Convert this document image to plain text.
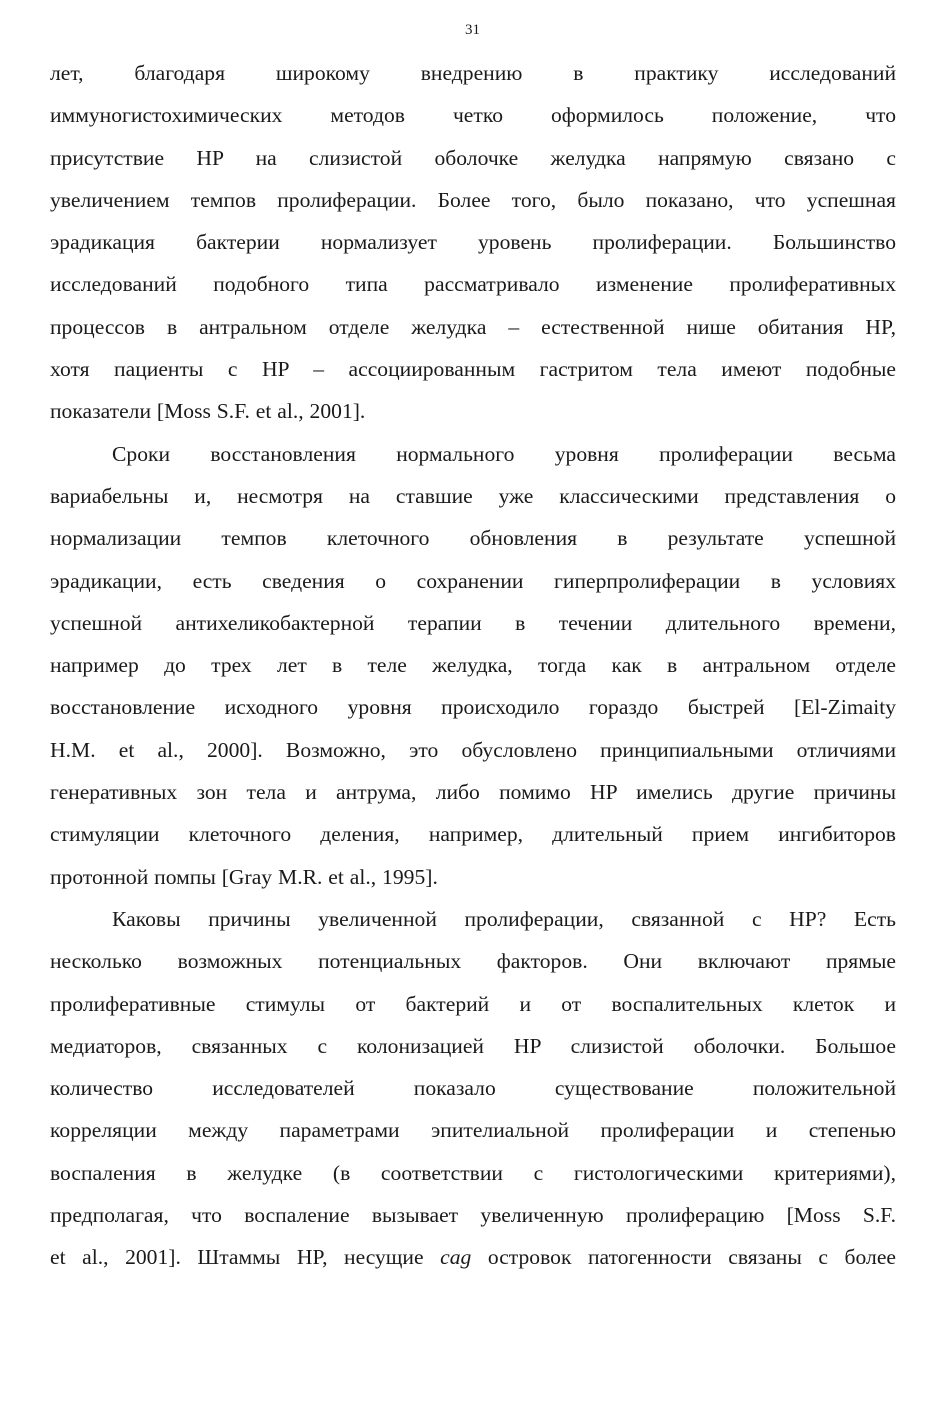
31
лет, благодаря широкому внедрению в практику исследований
иммуногистохимических методов четко оформилось положение, что
присутствие HP на слизистой оболочке желудка напрямую связано с
увеличением темпов пролиферации. Более того, было показано, что успешная
эрадикация бактерии нормализует уровень пролиферации. Большинство
исследований подобного типа рассматривало изменение пролиферативных
процессов в антральном отделе желудка – естественной нише обитания HP,
хотя пациенты с HP – ассоциированным гастритом тела имеют подобные
показатели [Moss S.F. et al., 2001].
Сроки восстановления нормального уровня пролиферации весьма
вариабельны и, несмотря на ставшие уже классическими представления о
нормализации темпов клеточного обновления в результате успешной
эрадикации, есть сведения о сохранении гиперпролиферации в условиях
успешной антихеликобактерной терапии в течении длительного времени,
например до трех лет в теле желудка, тогда как в антральном отделе
восстановление исходного уровня происходило гораздо быстрей [El-Zimaity
H.M. et al., 2000]. Возможно, это обусловлено принципиальными отличиями
генеративных зон тела и антрума, либо помимо HP имелись другие причины
стимуляции клеточного деления, например, длительный прием ингибиторов
протонной помпы [Gray M.R. et al., 1995].
Каковы причины увеличенной пролиферации, связанной с HP? Есть
несколько возможных потенциальных факторов. Они включают прямые
пролиферативные стимулы от бактерий и от воспалительных клеток и
медиаторов, связанных с колонизацией HP слизистой оболочки. Большое
количество исследователей показало существование положительной
корреляции между параметрами эпителиальной пролиферации и степенью
воспаления в желудке (в соответствии с гистологическими критериями),
предполагая, что воспаление вызывает увеличенную пролиферацию [Moss S.F.
et al., 2001]. Штаммы HP, несущие cag островок патогенности связаны с более
